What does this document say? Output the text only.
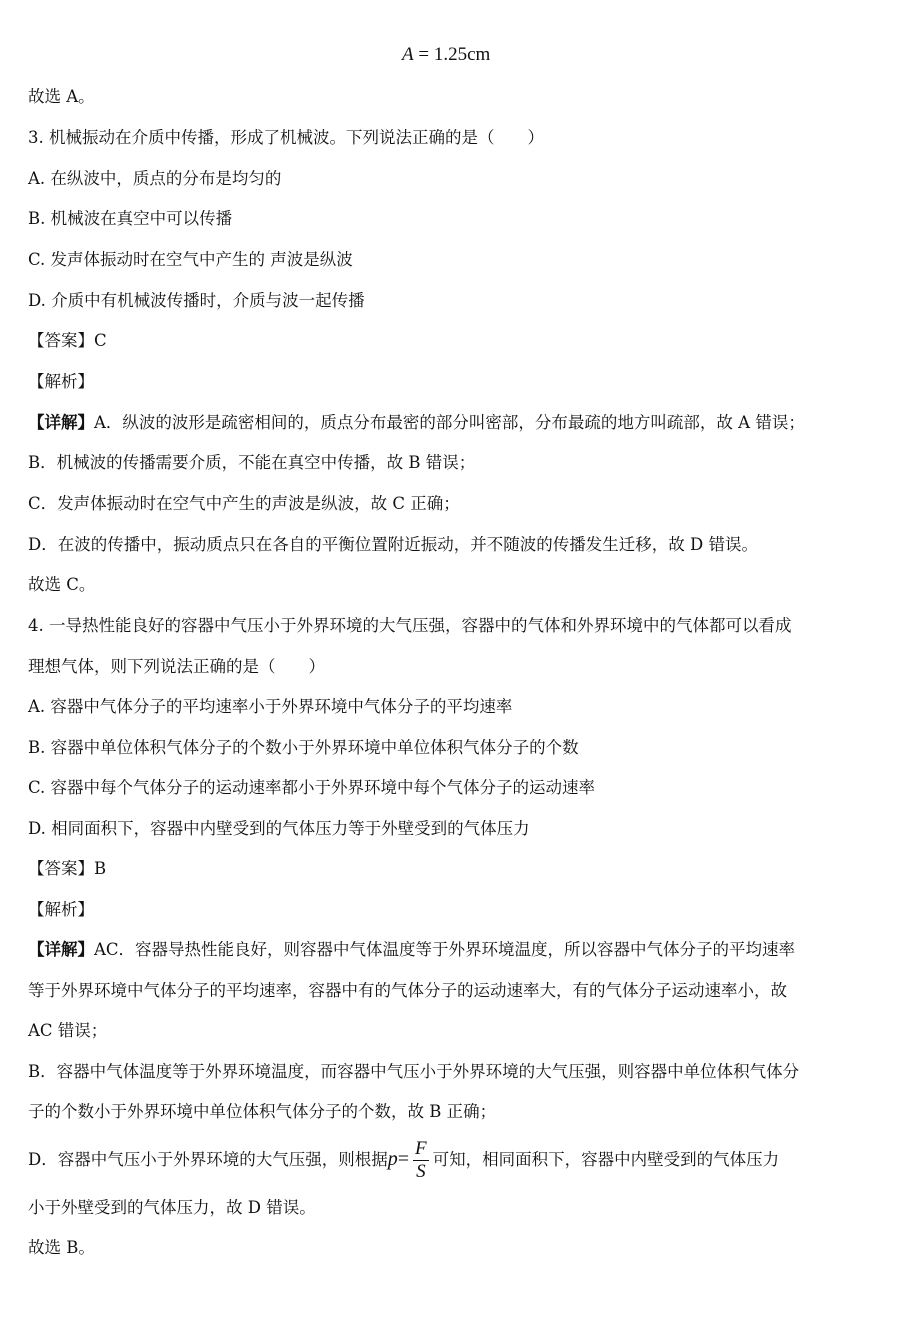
A = 1.25cm
故选 A。
3. 机械振动在介质中传播，形成了机械波。下列说法正确的是（　　）
A. 在纵波中，质点的分布是均匀的
B. 机械波在真空中可以传播
C. 发声体振动时在空气中产生的 声波是纵波
D. 介质中有机械波传播时，介质与波一起传播
【答案】C
【解析】
【详解】A．纵波的波形是疏密相间的，质点分布最密的部分叫密部，分布最疏的地方叫疏部，故 A 错误；
B．机械波的传播需要介质，不能在真空中传播，故 B 错误；
C．发声体振动时在空气中产生的声波是纵波，故 C 正确；
D．在波的传播中，振动质点只在各自的平衡位置附近振动，并不随波的传播发生迁移，故 D 错误。
故选 C。
4. 一导热性能良好的容器中气压小于外界环境的大气压强，容器中的气体和外界环境中的气体都可以看成
理想气体，则下列说法正确的是（　　）
A. 容器中气体分子的平均速率小于外界环境中气体分子的平均速率
B. 容器中单位体积气体分子的个数小于外界环境中单位体积气体分子的个数
C. 容器中每个气体分子的运动速率都小于外界环境中每个气体分子的运动速率
D. 相同面积下，容器中内壁受到的气体压力等于外壁受到的气体压力
【答案】B
【解析】
【详解】AC．容器导热性能良好，则容器中气体温度等于外界环境温度，所以容器中气体分子的平均速率
等于外界环境中气体分子的平均速率，容器中有的气体分子的运动速率大，有的气体分子运动速率小，故
AC 错误；
B．容器中气体温度等于外界环境温度，而容器中气压小于外界环境的大气压强，则容器中单位体积气体分
子的个数小于外界环境中单位体积气体分子的个数，故 B 正确；
D．容器中气压小于外界环境的大气压强，则根据$p= \frac{F}{S}$ 可知，相同面积下，容器中内壁受到的气体压力
小于外壁受到的气体压力，故 D 错误。
故选 B。
